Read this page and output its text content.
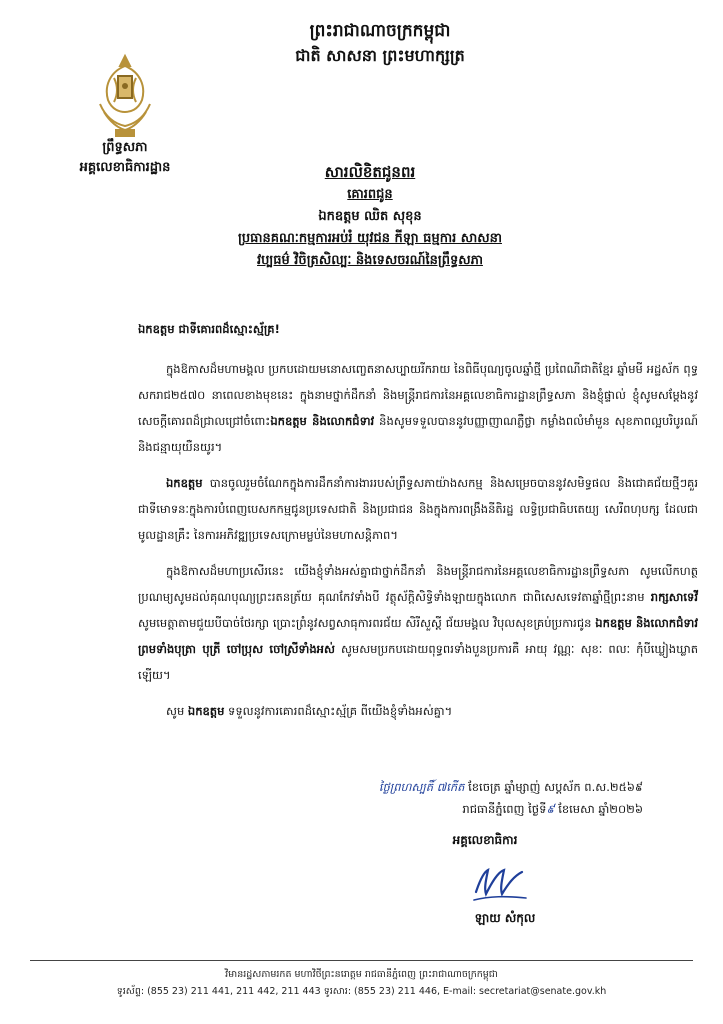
ព្រះរាជាណាចក្រកម្ពុជា
ជាតិ សាសនា ព្រះមហាក្សត្រ
ព្រឹទ្ធសភា
អគ្គលេខាធិការដ្ឋាន	សារលិខិតជូនពរ
គោរពជូន
ឯកឧត្តម ឈិត សុខុន
ប្រធានគណៈកម្មការអប់រំ យុវជន កីឡា ធម្មការ សាសនា
វប្បធម៌ វិចិត្រសិល្បៈ និងទេសចរណ៍នៃព្រឹទ្ធសភា

ឯកឧត្តម ជាទីគោរពដ៏ស្មោះស្ម័គ្រ!

ក្នុងឱកាសដ៏មហាមង្គល ប្រកបដោយមនោសញ្ចេតនាសប្បាយរីករាយ នៃពិធីបុណ្យចូលឆ្នាំថ្មី ប្រពៃណីជាតិខ្មែរ ឆ្នាំមមី អដ្ឋស័ក ពុទ្ធសករាជ២៥៧០ នាពេលខាងមុខនេះ ក្នុងនាមថ្នាក់ដឹកនាំ និងមន្ត្រីរាជការនៃអគ្គលេខាធិការដ្ឋានព្រឹទ្ធសភា និងខ្ញុំផ្ទាល់ ខ្ញុំសូមសម្តែងនូវសេចក្តីគោរពដ៏ជ្រាលជ្រៅចំពោះឯកឧត្តម និងលោកជំទាវ និងសូមទទួលបាននូវបញ្ញាញាណភ្លឺថ្លា កម្លាំងពលំមាំមួន សុខភាពល្អបរិបូរណ៍ និងជន្មាយុយឺនយូរ។

ឯកឧត្តម បានចូលរួមចំណែកក្នុងការដឹកនាំការងាររបស់ព្រឹទ្ធសភាយ៉ាងសកម្ម និងសម្រេចបាននូវសមិទ្ធផល និងជោគជ័យថ្មីៗគួរជាទីមោទនៈក្នុងការបំពេញបេសកកម្មជូនប្រទេសជាតិ និងប្រជាជន និងក្នុងការពង្រឹងនីតិរដ្ឋ លទ្ធិប្រជាធិបតេយ្យ សេរីពហុបក្ស ដែលជាមូលដ្ឋានគ្រឹះ នៃការអភិវឌ្ឍប្រទេសក្រោមម្លប់នៃមហាសន្តិភាព។

ក្នុងឱកាសដ៏មហាប្រសើរនេះ យើងខ្ញុំទាំងអស់គ្នាជាថ្នាក់ដឹកនាំ និងមន្ត្រីរាជការនៃអគ្គលេខាធិការដ្ឋានព្រឹទ្ធសភា សូមលើកហត្ថប្រណម្យសូមដល់គុណបុណ្យព្រះរតនត្រ័យ គុណកែវទាំងបី វត្ថុស័ក្តិសិទ្ធិទាំងឡាយក្នុងលោក ជាពិសេសទេវតាឆ្នាំថ្មីព្រះនាម រាក្សសាទេវី សូមមេត្តាតាមជួយបីបាច់ថែរក្សា ប្រោះព្រំនូវសព្វសាធុការពរជ័យ សិរីសួស្តី ជ័យមង្គល វិបុលសុខគ្រប់ប្រការជូន ឯកឧត្តម និងលោកជំទាវ ព្រមទាំងបុត្រា បុត្រី ចៅប្រុស ចៅស្រីទាំងអស់ សូមសមប្រកបដោយពុទ្ធពរទាំងបួនប្រការគឺ អាយុ វណ្ណៈ សុខៈ ពលៈ កុំបីឃ្លៀងឃ្លាតឡើយ។

សូម ឯកឧត្តម ទទួលនូវការគោរពដ៏ស្មោះស្ម័គ្រ ពីយើងខ្ញុំទាំងអស់គ្នា។

ថ្ងៃព្រហស្បតិ៍ ៧កើត ខែចេត្រ ឆ្នាំម្សាញ់ សប្តស័ក ព.ស.២៥៦៩
រាជធានីភ្នំពេញ ថ្ងៃទី៩ ខែមេសា ឆ្នាំ២០២៦
អគ្គលេខាធិការ
ឡាយ សំកុល
វិមានរដ្ឋសភាមរកត មហាវិថីព្រះនរោត្តម រាជធានីភ្នំពេញ ព្រះរាជាណាចក្រកម្ពុជា
ទូរស័ព្ទ: (855 23) 211 441, 211 442, 211 443 ទូរសារ: (855 23) 211 446, E-mail: secretariat@senate.gov.kh
